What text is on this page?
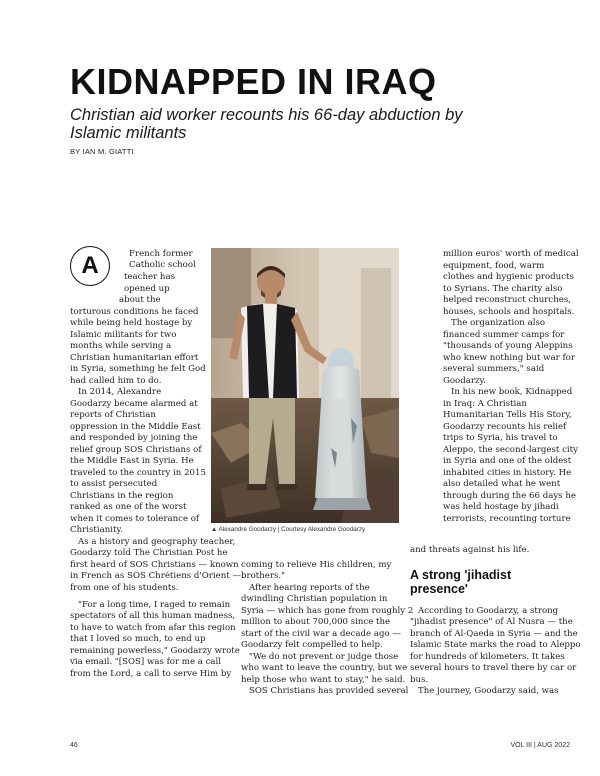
KIDNAPPED IN IRAQ
Christian aid worker recounts his 66-day abduction by
Islamic militants
BY IAN M. GIATTI
A
▲ Alexandre Goodarzy | Courtesy Alexandre Goodarzy
French former
Catholic school
teacher has
opened up
about the
torturous conditions he faced
while being held hostage by
Islamic militants for two
months while serving a
Christian humanitarian effort
in Syria, something he felt God
had called him to do.
In 2014, Alexandre
Goodarzy became alarmed at
reports of Christian
oppression in the Middle East
and responded by joining the
relief group SOS Christians of
the Middle East in Syria. He
traveled to the country in 2015
to assist persecuted
Christians in the region
ranked as one of the worst
when it comes to tolerance of
Christianity.
As a history and geography teacher,
Goodarzy told The Christian Post he
first heard of SOS Christians — known
in French as SOS Chrétiens d'Orient —
from one of his students.
"For a long time, I raged to remain
spectators of all this human madness,
to have to watch from afar this region
that I loved so much, to end up
remaining powerless," Goodarzy wrote
via email. "[SOS] was for me a call
from the Lord, a call to serve Him by
coming to relieve His children, my
brothers."
After hearing reports of the
dwindling Christian population in
Syria — which has gone from roughly 2
million to about 700,000 since the
start of the civil war a decade ago —
Goodarzy felt compelled to help.
"We do not prevent or judge those
who want to leave the country, but we
help those who want to stay," he said.
SOS Christians has provided several
million euros' worth of medical
equipment, food, warm
clothes and hygienic products
to Syrians. The charity also
helped reconstruct churches,
houses, schools and hospitals.
The organization also
financed summer camps for
"thousands of young Aleppins
who knew nothing but war for
several summers," said
Goodarzy.
In his new book, Kidnapped
in Iraq: A Christian
Humanitarian Tells His Story,
Goodarzy recounts his relief
trips to Syria, his travel to
Aleppo, the second-largest city
in Syria and one of the oldest
inhabited cities in history. He
also detailed what he went
through during the 66 days he
was held hostage by jihadi
terrorists, recounting torture
and threats against his life.
A strong 'jihadist
presence'
According to Goodarzy, a strong
"jihadist presence" of Al Nusra — the
branch of Al-Qaeda in Syria — and the
Islamic State marks the road to Aleppo
for hundreds of kilometers. It takes
several hours to travel there by car or
bus.
The journey, Goodarzy said, was
46	VOL III | AUG 2022
